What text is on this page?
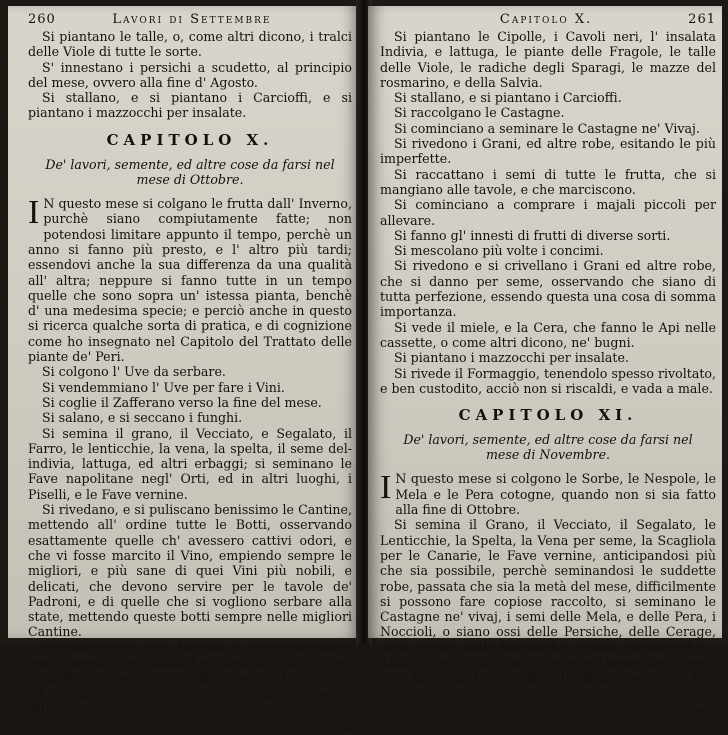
260	Lavori di Settembre

Si piantano le talle, o, come altri dicono, i tralci delle Viole di tutte le sorte.

S' innestano i persichi a scudetto, al principio del mese, ovvero alla fine d' Agosto.

Si stallano, e si piantano i Carcioffi, e si piantano i mazzocchi per insalate.

CAPITOLO X.
De' lavori, semente, ed altre cose da farsi nel mese di Ottobre.

I N questo mese si colgano le frutta dall' Inverno, purchè siano compiutamente fatte; non potendosi limitare appunto il tempo, perchè un anno si fanno più presto, e l' altro più tardi; essendovi anche la sua differenza da una qualità all' altra; neppure si fanno tutte in un tempo quelle che sono sopra un' istessa pianta, benchè d' una medesima specie; e perciò anche in questo si ricerca qualche sorta di pratica, e di cognizione come ho insegnato nel Capitolo del Trattato delle piante de' Peri.

Si colgono l' Uve da serbare.

Si vendemmiano l' Uve per fare i Vini.

Si coglie il Zafferano verso la fine del mese.

Si salano, e si seccano i funghi.

Si semina il grano, il Vecciato, e Segalato, il Farro, le lenticchie, la vena, la spelta, il seme del- indivia, lattuga, ed altri erbaggi; si seminano le Fave napolitane negl' Orti, ed in altri luoghi, i Piselli, e le Fave vernine.

Si rivedano, e si puliscano benissimo le Cantine, mettendo all' ordine tutte le Botti, osservando esattamente quelle ch' avessero cattivi odori, e che vi fosse marcito il Vino, empiendo sempre le migliori, e più sane di quei Vini più nobili, e delicati, che devono servire per le tavole de' Padroni, e di quelle che si vogliono serbare alla state, mettendo queste botti sempre nelle migliori Cantine.

S' imbottano i Vini, facendo i dovuti necessarj assortimenti, destinando i più deboli e fiacchi, per esitarli nell' Inverno; i mediocri per la Primavera; ed i migliori, e più sani per la State, e per l' Autunno.

Si
Capitolo X.	261

Si piantano le Cipolle, i Cavoli neri, l' insalata Indivia, e lattuga, le piante delle Fragole, le talle delle Viole, le radiche degli Sparagi, le mazze del rosmarino, e della Salvia.

Si stallano, e si piantano i Carcioffi.

Si raccolgano le Castagne.

Si cominciano a seminare le Castagne ne' Vivaj.

Si rivedono i Grani, ed altre robe, esitando le più imperfette.

Si raccattano i semi di tutte le frutta, che si mangiano alle tavole, e che marciscono.

Si cominciano a comprare i majali piccoli per allevare.

Si fanno gl' innesti di frutti di diverse sorti.

Si mescolano più volte i concimi.

Si rivedono e si crivellano i Grani ed altre robe, che si danno per seme, osservando che siano di tutta perfezione, essendo questa una cosa di somma importanza.

Si vede il miele, e la Cera, che fanno le Api nelle cassette, o come altri dicono, ne' bugni.

Si piantano i mazzocchi per insalate.

Si rivede il Formaggio, tenendolo spesso rivoltato, e ben custodito, acciò non si riscaldi, e vada a male.

CAPITOLO XI.
De' lavori, semente, ed altre cose da farsi nel mese di Novembre.

I N questo mese si colgono le Sorbe, le Nespole, le Mela e le Pera cotogne, quando non si sia fatto alla fine di Ottobre.

Si semina il Grano, il Vecciato, il Segalato, le Lenticchie, la Spelta, la Vena per seme, la Scagliola per le Canarie, le Fave vernine, anticipandosi più che sia possibile, perchè seminandosi le suddette robe, passata che sia la metà del mese, difficilmente si possono fare copiose raccolto, si seminano le Castagne ne' vivaj, i semi delle Mela, e delle Pera, i Noccioli, o siano ossi delle Persiche, delle Cerage, delle Prune, delle Melianche, o siano Ballacocchi, o Albicocche, le Noci, le Nocelle, e il seme degli oppi.

Si fanno gl' Innesti di frutti di diverse sorte, fino alli die-

R 3	die-
